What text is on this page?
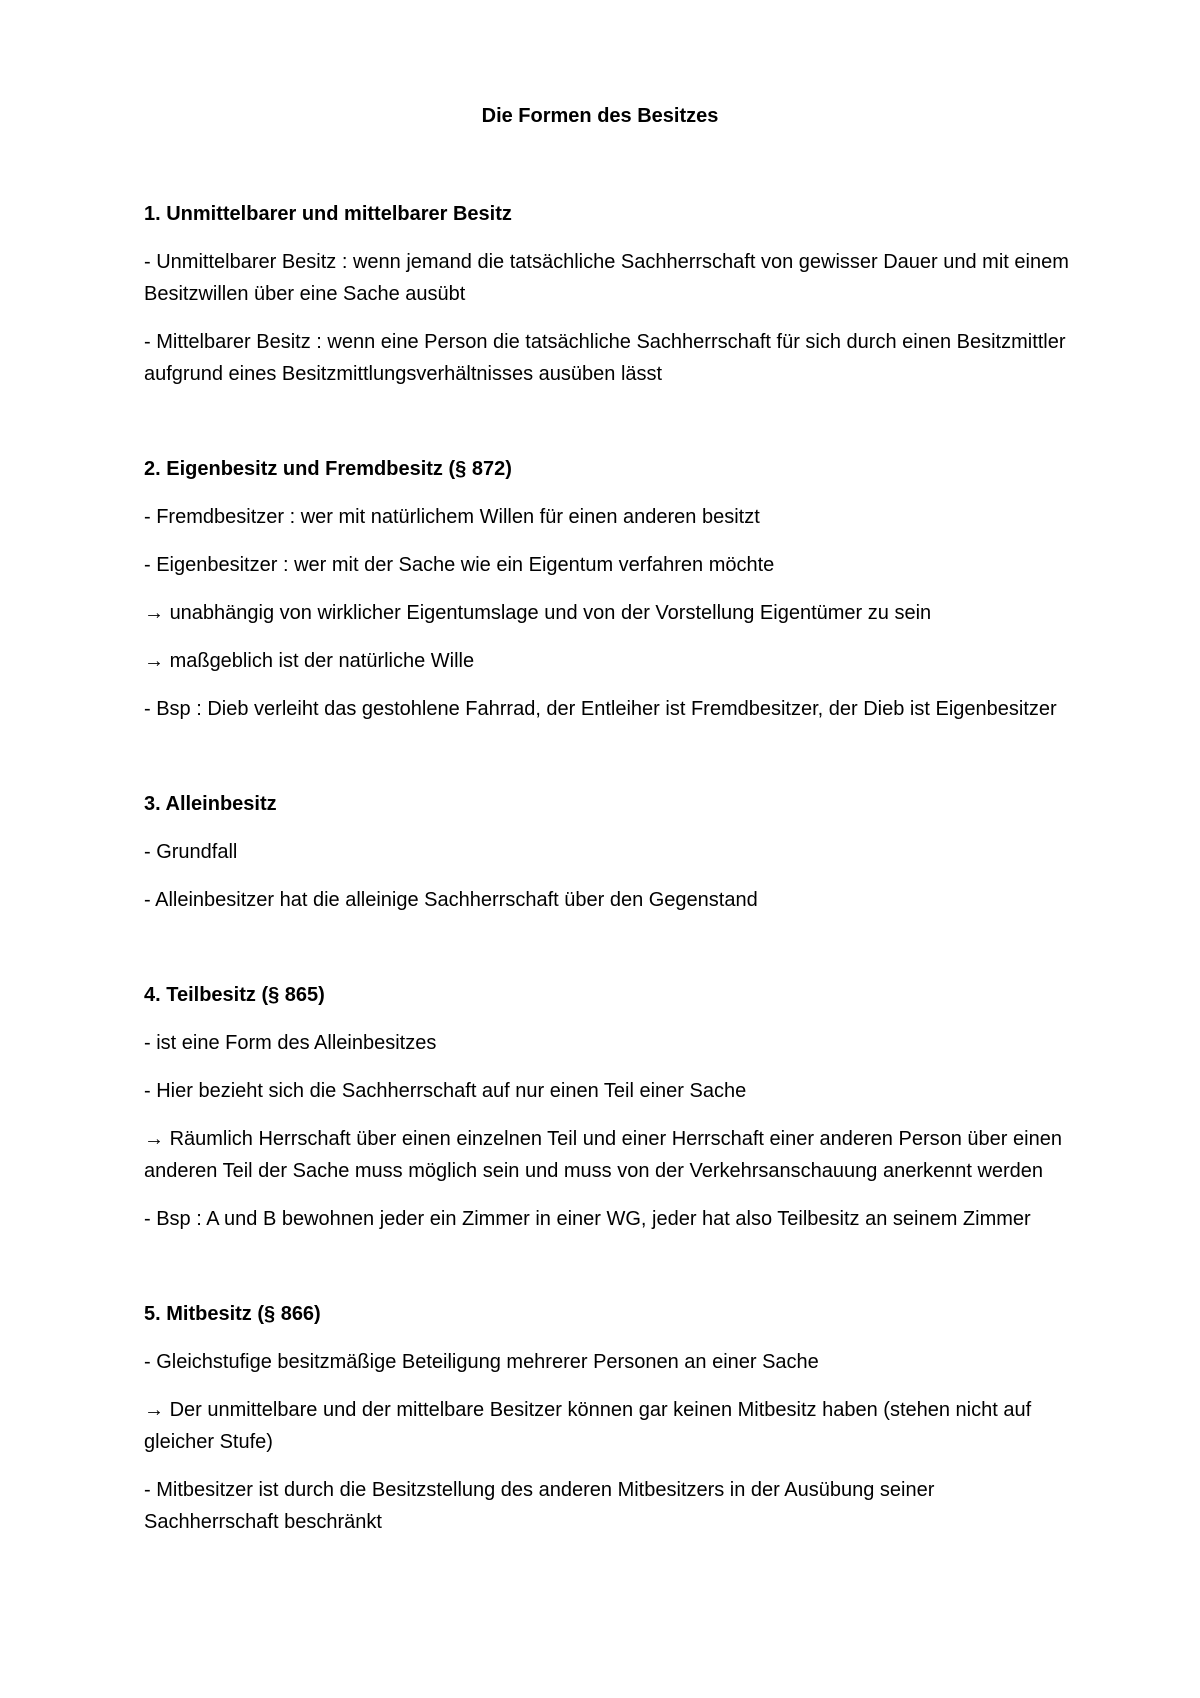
Die Formen des Besitzes
1. Unmittelbarer und mittelbarer Besitz
- Unmittelbarer Besitz : wenn jemand die tatsächliche Sachherrschaft von gewisser Dauer und mit einem Besitzwillen über eine Sache ausübt
- Mittelbarer Besitz : wenn eine Person die tatsächliche Sachherrschaft für sich durch einen Besitzmittler aufgrund eines Besitzmittlungsverhältnisses ausüben lässt
2. Eigenbesitz und Fremdbesitz (§ 872)
- Fremdbesitzer : wer mit natürlichem Willen für einen anderen besitzt
- Eigenbesitzer : wer mit der Sache wie ein Eigentum verfahren möchte
→ unabhängig von wirklicher Eigentumslage und von der Vorstellung Eigentümer zu sein
→ maßgeblich ist der natürliche Wille
- Bsp : Dieb verleiht das gestohlene Fahrrad, der Entleiher ist Fremdbesitzer, der Dieb ist Eigenbesitzer
3. Alleinbesitz
- Grundfall
- Alleinbesitzer hat die alleinige Sachherrschaft über den Gegenstand
4. Teilbesitz (§ 865)
- ist eine Form des Alleinbesitzes
- Hier bezieht sich die Sachherrschaft auf nur einen Teil einer Sache
→ Räumlich Herrschaft über einen einzelnen Teil und einer Herrschaft einer anderen Person über einen anderen Teil der Sache muss möglich sein und muss von der Verkehrsanschauung anerkennt werden
- Bsp : A und B bewohnen jeder ein Zimmer in einer WG, jeder hat also Teilbesitz an seinem Zimmer
5. Mitbesitz (§ 866)
- Gleichstufige besitzmäßige Beteiligung mehrerer Personen an einer Sache
→ Der unmittelbare und der mittelbare Besitzer können gar keinen Mitbesitz haben (stehen nicht auf gleicher Stufe)
- Mitbesitzer ist durch die Besitzstellung des anderen Mitbesitzers in der Ausübung seiner Sachherrschaft beschränkt
